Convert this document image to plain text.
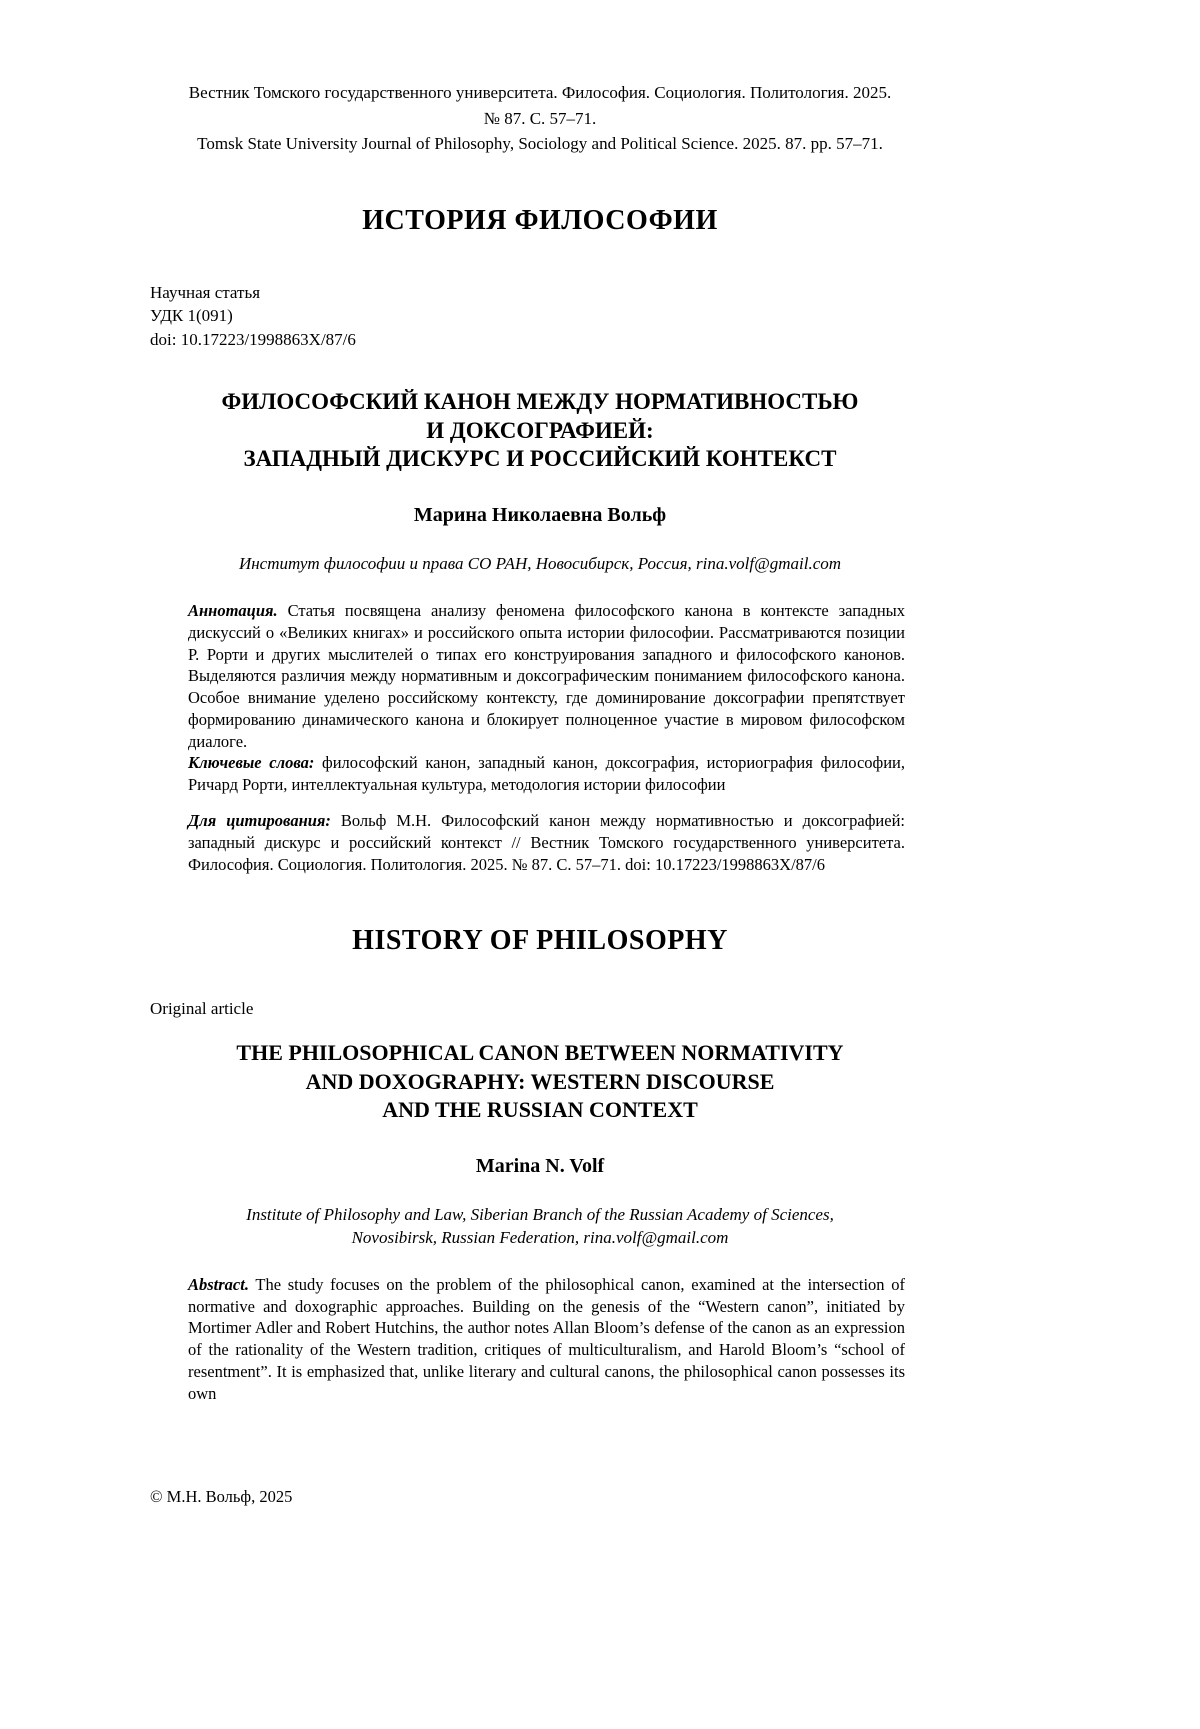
Вестник Томского государственного университета. Философия. Социология. Политология. 2025.
№ 87. С. 57–71.
Tomsk State University Journal of Philosophy, Sociology and Political Science. 2025. 87. pp. 57–71.
ИСТОРИЯ ФИЛОСОФИИ
Научная статья
УДК 1(091)
doi: 10.17223/1998863X/87/6
ФИЛОСОФСКИЙ КАНОН МЕЖДУ НОРМАТИВНОСТЬЮ
И ДОКСОГРАФИЕЙ:
ЗАПАДНЫЙ ДИСКУРС И РОССИЙСКИЙ КОНТЕКСТ
Марина Николаевна Вольф
Институт философии и права СО РАН, Новосибирск, Россия, rina.volf@gmail.com

Аннотация. Статья посвящена анализу феномена философского канона в контексте западных дискуссий о «Великих книгах» и российского опыта истории философии. Рассматриваются позиции Р. Рорти и других мыслителей о типах его конструирования западного и философского канонов. Выделяются различия между нормативным и доксографическим пониманием философского канона. Особое внимание уделено российскому контексту, где доминирование доксографии препятствует формированию динамического канона и блокирует полноценное участие в мировом философском диалоге.

Ключевые слова: философский канон, западный канон, доксография, историография философии, Ричард Рорти, интеллектуальная культура, методология истории философии

Для цитирования: Вольф М.Н. Философский канон между нормативностью и доксографией: западный дискурс и российский контекст // Вестник Томского государственного университета. Философия. Социология. Политология. 2025. № 87. С. 57–71. doi: 10.17223/1998863X/87/6

HISTORY OF PHILOSOPHY
Original article
THE PHILOSOPHICAL CANON BETWEEN NORMATIVITY
AND DOXOGRAPHY: WESTERN DISCOURSE
AND THE RUSSIAN CONTEXT
Marina N. Volf
Institute of Philosophy and Law, Siberian Branch of the Russian Academy of Sciences,
Novosibirsk, Russian Federation, rina.volf@gmail.com

Abstract. The study focuses on the problem of the philosophical canon, examined at the intersection of normative and doxographic approaches. Building on the genesis of the “Western canon”, initiated by Mortimer Adler and Robert Hutchins, the author notes Allan Bloom’s defense of the canon as an expression of the rationality of the Western tradition, critiques of multiculturalism, and Harold Bloom’s “school of resentment”. It is emphasized that, unlike literary and cultural canons, the philosophical canon possesses its own

© М.Н. Вольф, 2025
